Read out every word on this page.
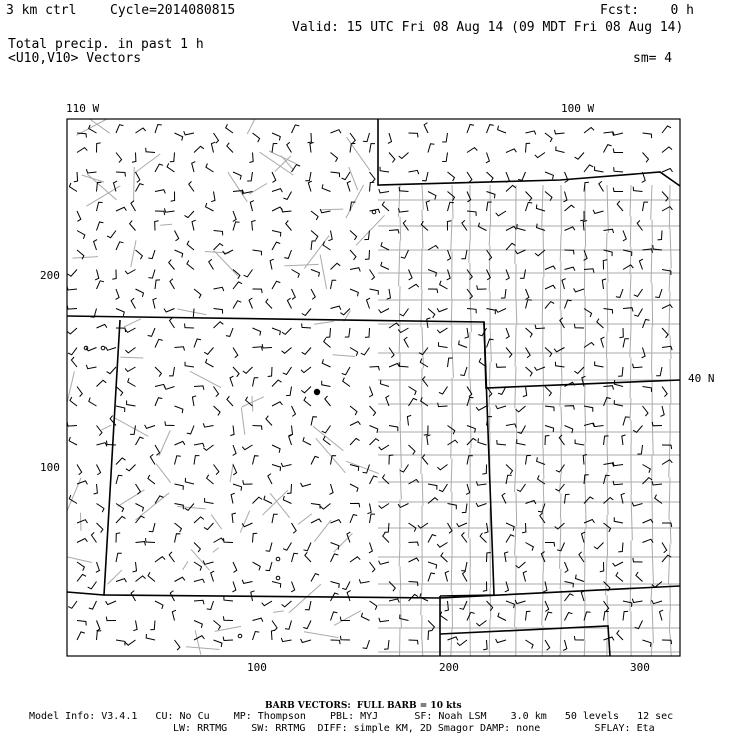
3 km ctrl	Cycle=2014080815	Fcst:    0 h
Valid: 15 UTC Fri 08 Aug 14 (09 MDT Fri 08 Aug 14)
Total precip. in past 1 h
<U10,V10> Vectors	sm= 4
110 W	100 W
40 N
200
100
100	200	300
BARB VECTORS:  FULL BARB = 10 kts
Model Info: V3.4.1   CU: No Cu    MP: Thompson    PBL: MYJ      SF: Noah LSM    3.0 km   50 levels   12 sec
LW: RRTMG    SW: RRTMG  DIFF: simple KM, 2D Smagor DAMP: none         SFLAY: Eta
